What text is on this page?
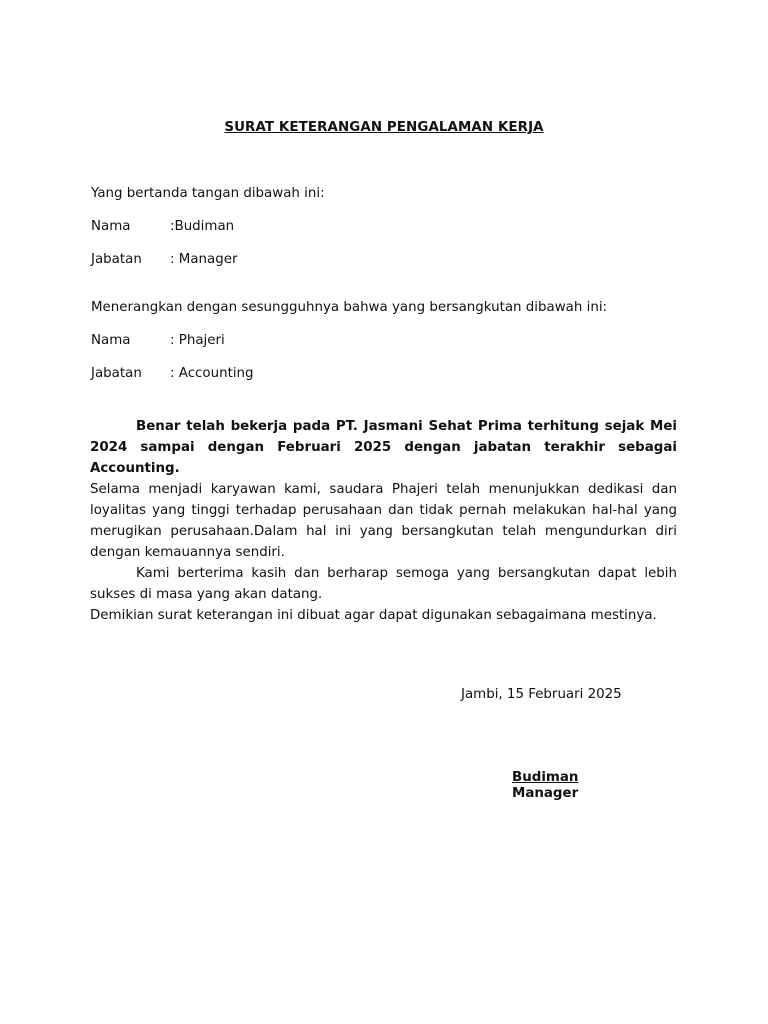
SURAT KETERANGAN PENGALAMAN KERJA
Yang bertanda tangan dibawah ini:
Nama	:Budiman
Jabatan : Manager
Menerangkan dengan sesungguhnya bahwa yang bersangkutan dibawah ini:
Nama	: Phajeri
Jabatan : Accounting
Benar telah bekerja pada PT. Jasmani Sehat Prima terhitung sejak Mei 2024 sampai dengan Februari 2025 dengan jabatan terakhir sebagai Accounting.
Selama menjadi karyawan kami, saudara Phajeri telah menunjukkan dedikasi dan loyalitas yang tinggi terhadap perusahaan dan tidak pernah melakukan hal-hal yang merugikan perusahaan.Dalam hal ini yang bersangkutan telah mengundurkan diri dengan kemauannya sendiri.
Kami berterima kasih dan berharap semoga yang bersangkutan dapat lebih sukses di masa yang akan datang.
Demikian surat keterangan ini dibuat agar dapat digunakan sebagaimana mestinya.
Jambi, 15 Februari 2025
Budiman
Manager
